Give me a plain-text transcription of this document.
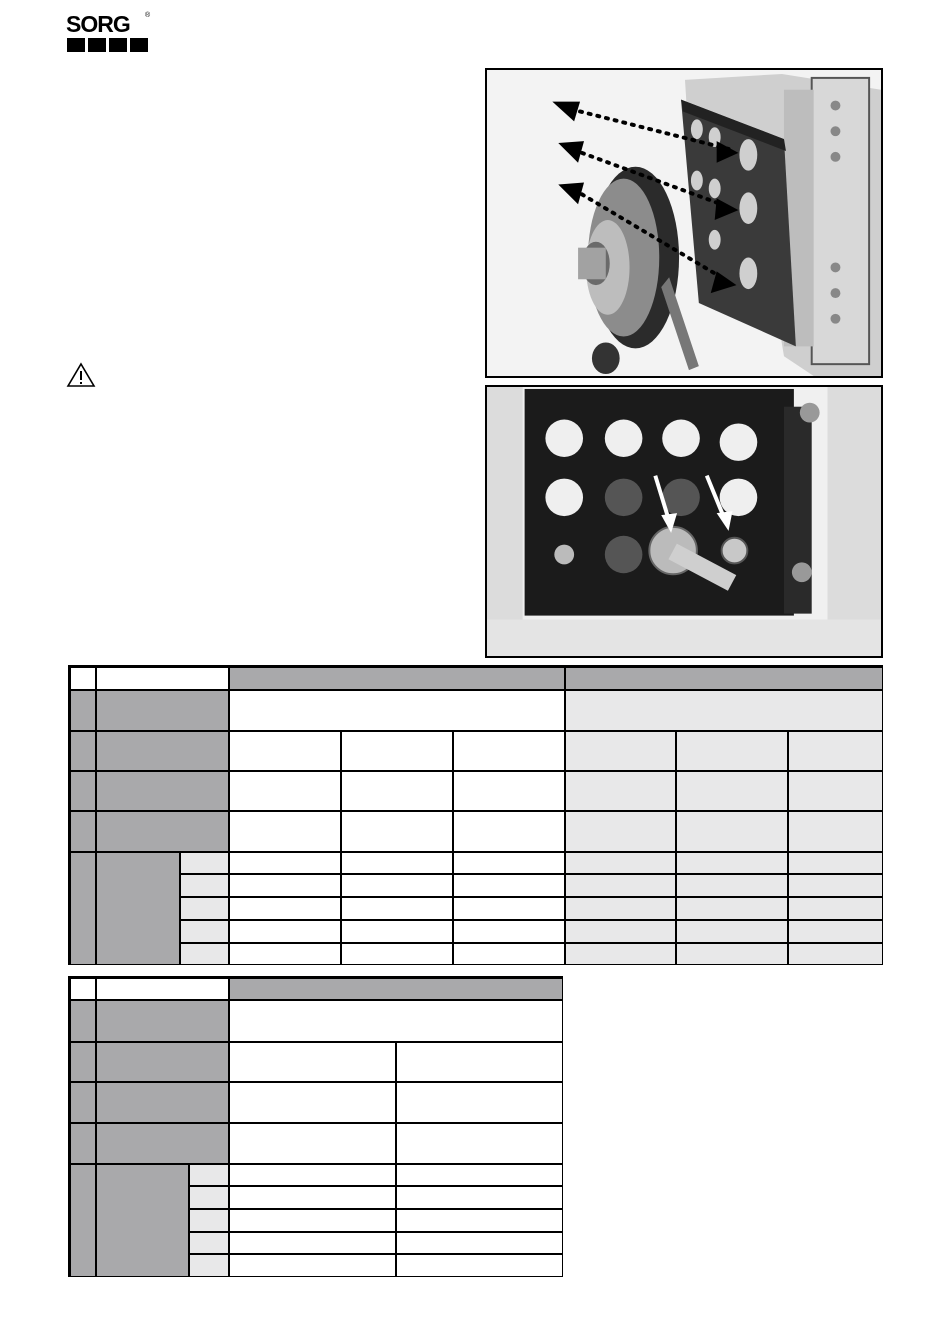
SORG ®
